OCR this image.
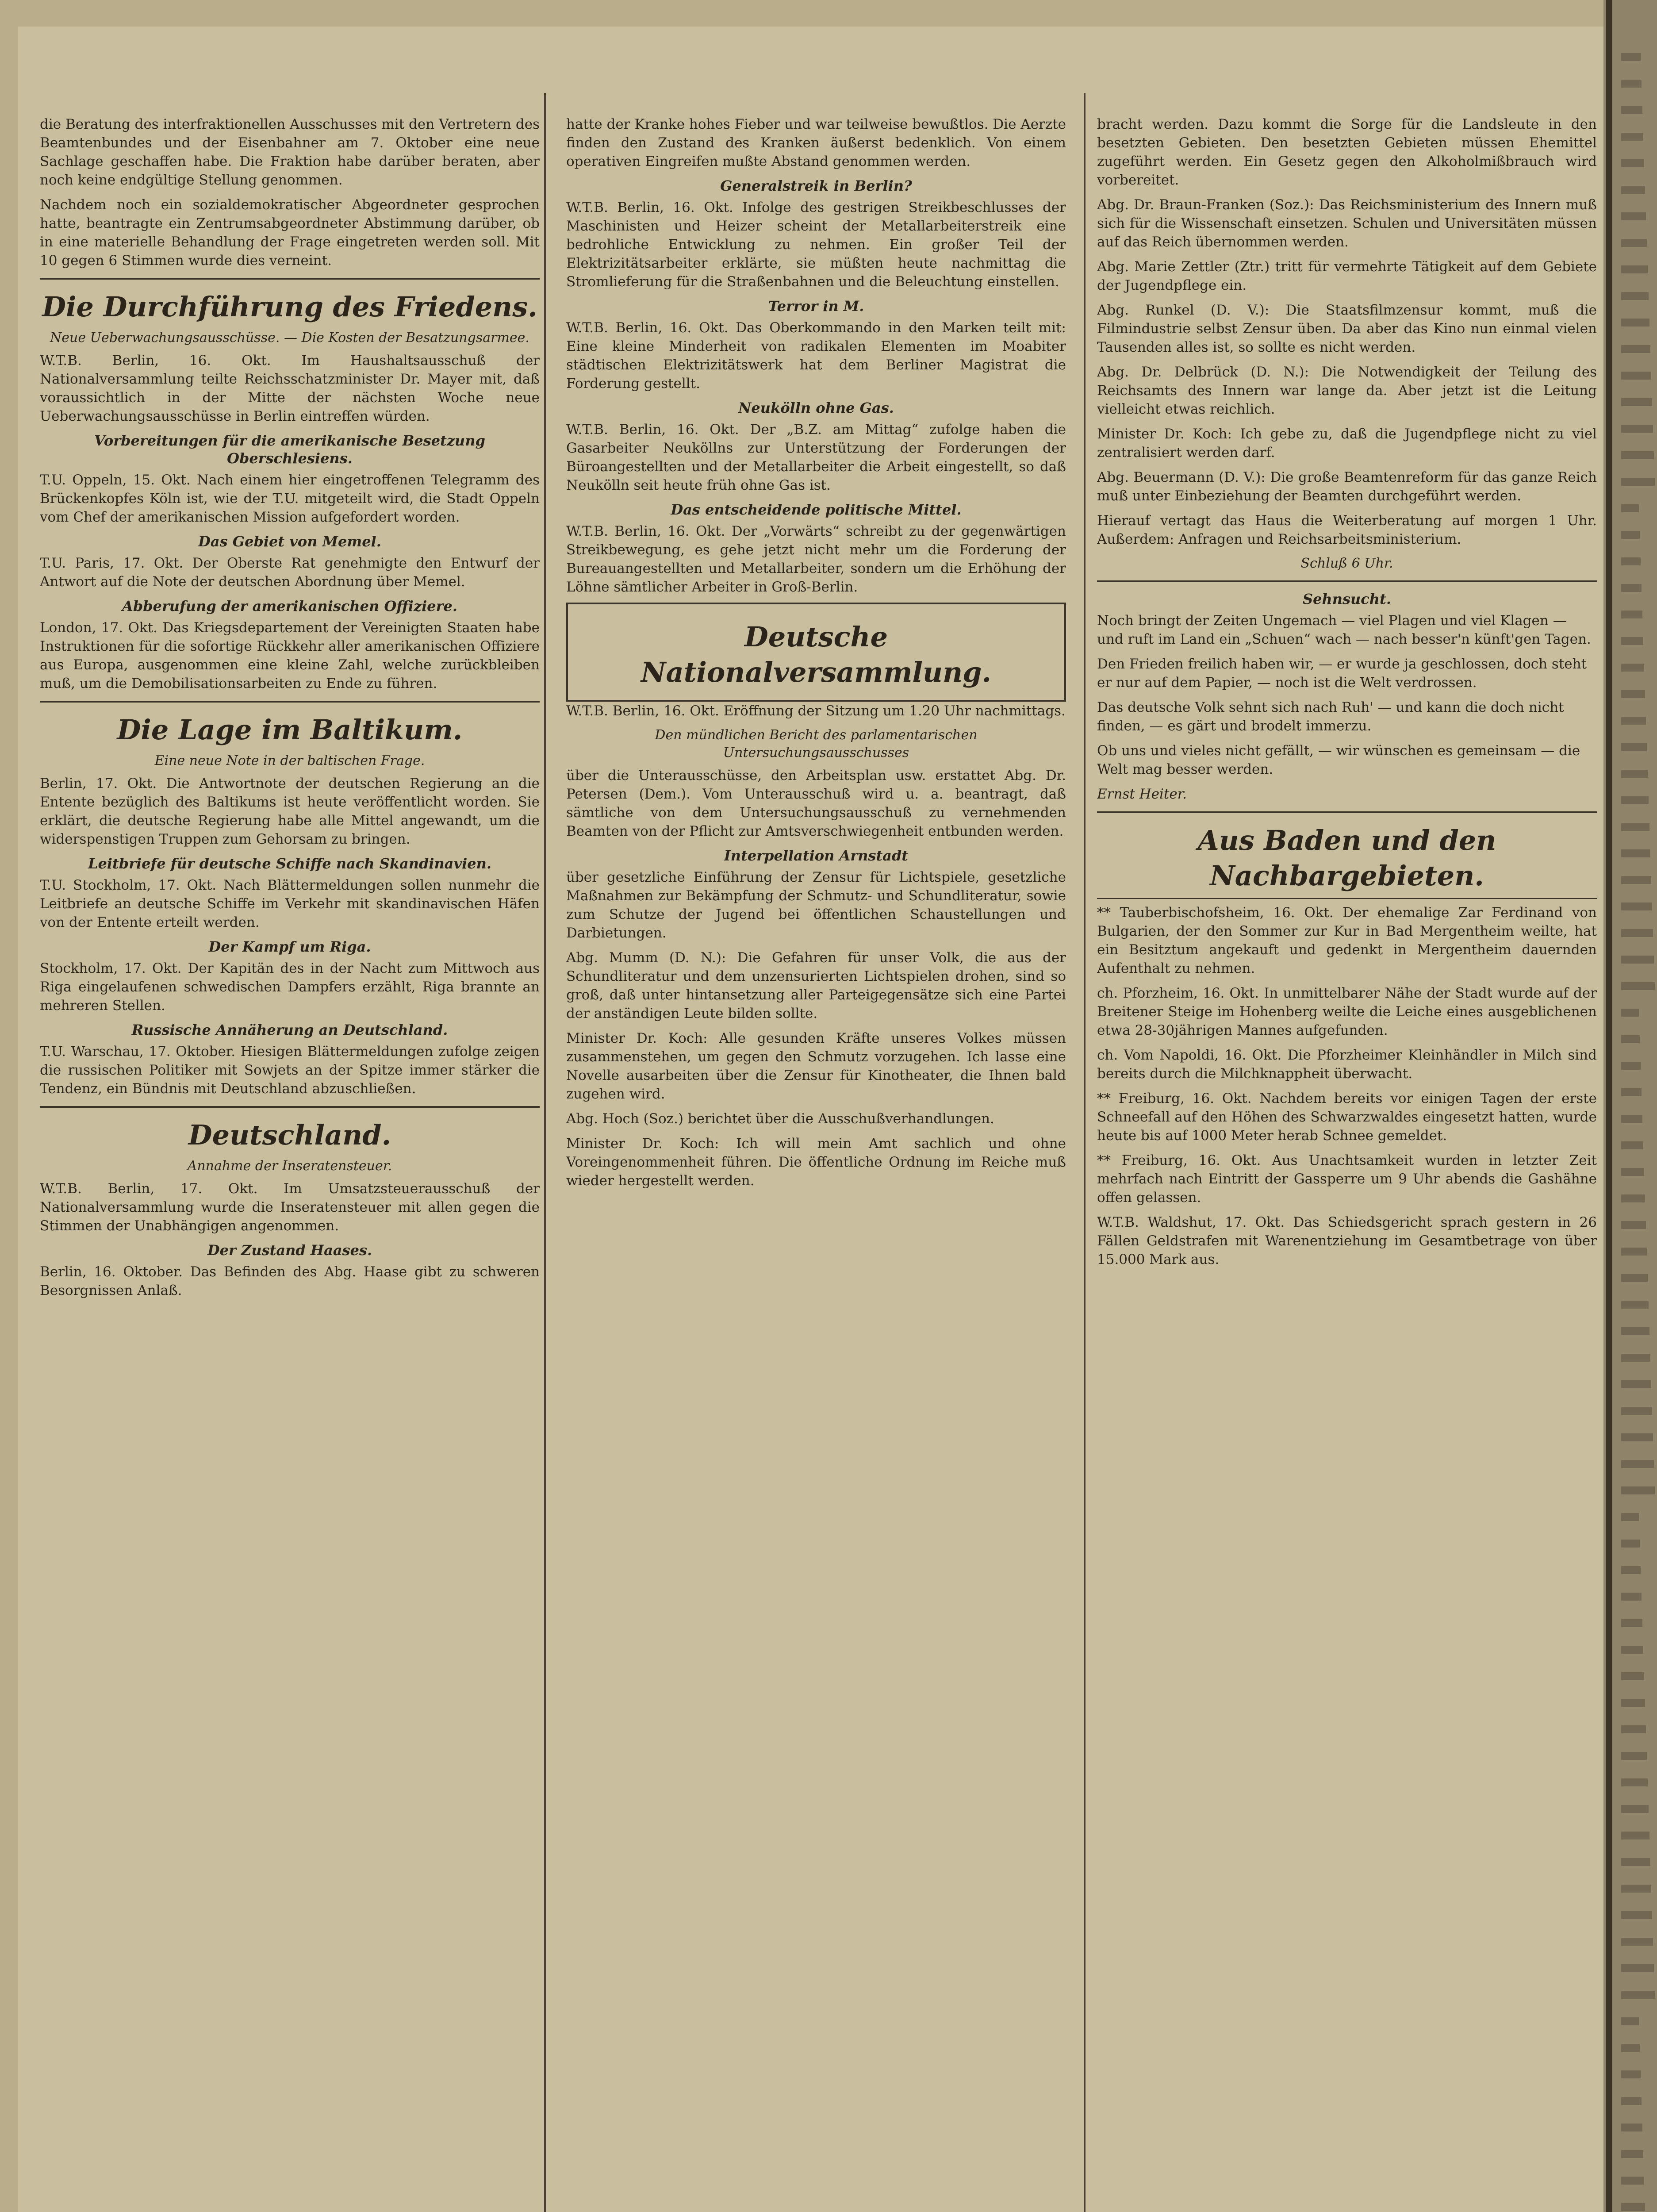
die Beratung des interfraktionellen Ausschusses mit den Vertretern des Beamtenbundes und der Eisenbahner am 7. Oktober eine neue Sachlage geschaffen habe. Die Fraktion habe darüber beraten, aber noch keine endgültige Stellung genommen.

Nachdem noch ein sozialdemokratischer Abgeordneter gesprochen hatte, beantragte ein Zentrumsabgeordneter Abstimmung darüber, ob in eine materielle Behandlung der Frage eingetreten werden soll. Mit 10 gegen 6 Stimmen wurde dies verneint.

Die Durchführung des Friedens.

Neue Ueberwachungsausschüsse. — Die Kosten der Besatzungsarmee.

W.T.B. Berlin, 16. Okt. Im Haushaltsausschuß der Nationalversammlung teilte Reichsschatzminister Dr. Mayer mit, daß voraussichtlich in der Mitte der nächsten Woche neue Ueberwachungsausschüsse in Berlin eintreffen würden.

Vorbereitungen für die amerikanische Besetzung Oberschlesiens.

T.U. Oppeln, 15. Okt. Nach einem hier eingetroffenen Telegramm des Brückenkopfes Köln ist, wie der T.U. mitgeteilt wird, die Stadt Oppeln vom Chef der amerikanischen Mission aufgefordert worden.

Das Gebiet von Memel.

T.U. Paris, 17. Okt. Der Oberste Rat genehmigte den Entwurf der Antwort auf die Note der deutschen Abordnung über Memel.

Abberufung der amerikanischen Offiziere.

London, 17. Okt. Das Kriegsdepartement der Vereinigten Staaten habe Instruktionen für die sofortige Rückkehr aller amerikanischen Offiziere aus Europa, ausgenommen eine kleine Zahl, welche zurückbleiben muß, um die Demobilisationsarbeiten zu Ende zu führen.

Die Lage im Baltikum.

Eine neue Note in der baltischen Frage.

Berlin, 17. Okt. Die Antwortnote der deutschen Regierung an die Entente bezüglich des Baltikums ist heute veröffentlicht worden. Sie erklärt, die deutsche Regierung habe alle Mittel angewandt, um die widerspenstigen Truppen zum Gehorsam zu bringen.

Leitbriefe für deutsche Schiffe nach Skandinavien.

T.U. Stockholm, 17. Okt. Nach Blättermeldungen sollen nunmehr die Leitbriefe an deutsche Schiffe im Verkehr mit skandinavischen Häfen von der Entente erteilt werden.

Der Kampf um Riga.

Stockholm, 17. Okt. Der Kapitän des in der Nacht zum Mittwoch aus Riga eingelaufenen schwedischen Dampfers erzählt, Riga brannte an mehreren Stellen.

Russische Annäherung an Deutschland.

T.U. Warschau, 17. Oktober. Hiesigen Blättermeldungen zufolge zeigen die russischen Politiker mit Sowjets an der Spitze immer stärker die Tendenz, ein Bündnis mit Deutschland abzuschließen.

Deutschland.

Annahme der Inseratensteuer.

W.T.B. Berlin, 17. Okt. Im Umsatzsteuerausschuß der Nationalversammlung wurde die Inseratensteuer mit allen gegen die Stimmen der Unabhängigen angenommen.

Der Zustand Haases.

Berlin, 16. Oktober. Das Befinden des Abg. Haase gibt zu schweren Besorgnissen Anlaß.

hatte der Kranke hohes Fieber und war teilweise bewußtlos. Die Aerzte finden den Zustand des Kranken äußerst bedenklich. Von einem operativen Eingreifen mußte Abstand genommen werden.

Generalstreik in Berlin?

W.T.B. Berlin, 16. Okt. Infolge des gestrigen Streikbeschlusses der Maschinisten und Heizer scheint der Metallarbeiterstreik eine bedrohliche Entwicklung zu nehmen. Ein großer Teil der Elektrizitätsarbeiter erklärte, sie müßten heute nachmittag die Stromlieferung für die Straßenbahnen und die Beleuchtung einstellen.

Terror in M.

W.T.B. Berlin, 16. Okt. Das Oberkommando in den Marken teilt mit: Eine kleine Minderheit von radikalen Elementen im Moabiter städtischen Elektrizitätswerk hat dem Berliner Magistrat die Forderung gestellt.

Neukölln ohne Gas.

W.T.B. Berlin, 16. Okt. Der „B.Z. am Mittag“ zufolge haben die Gasarbeiter Neuköllns zur Unterstützung der Forderungen der Büroangestellten und der Metallarbeiter die Arbeit eingestellt, so daß Neukölln seit heute früh ohne Gas ist.

Das entscheidende politische Mittel.

W.T.B. Berlin, 16. Okt. Der „Vorwärts“ schreibt zu der gegenwärtigen Streikbewegung, es gehe jetzt nicht mehr um die Forderung der Bureauangestellten und Metallarbeiter, sondern um die Erhöhung der Löhne sämtlicher Arbeiter in Groß-Berlin.

Deutsche Nationalversammlung.

W.T.B. Berlin, 16. Okt. Eröffnung der Sitzung um 1.20 Uhr nachmittags.

Den mündlichen Bericht des parlamentarischen Untersuchungsausschusses

über die Unterausschüsse, den Arbeitsplan usw. erstattet Abg. Dr. Petersen (Dem.). Vom Unterausschuß wird u. a. beantragt, daß sämtliche von dem Untersuchungsausschuß zu vernehmenden Beamten von der Pflicht zur Amtsverschwiegenheit entbunden werden.

Interpellation Arnstadt

über gesetzliche Einführung der Zensur für Lichtspiele, gesetzliche Maßnahmen zur Bekämpfung der Schmutz- und Schundliteratur, sowie zum Schutze der Jugend bei öffentlichen Schaustellungen und Darbietungen.

Abg. Mumm (D. N.): Die Gefahren für unser Volk, die aus der Schundliteratur und dem unzensurierten Lichtspielen drohen, sind so groß, daß unter hintansetzung aller Parteigegensätze sich eine Partei der anständigen Leute bilden sollte.

Minister Dr. Koch: Alle gesunden Kräfte unseres Volkes müssen zusammenstehen, um gegen den Schmutz vorzugehen. Ich lasse eine Novelle ausarbeiten über die Zensur für Kinotheater, die Ihnen bald zugehen wird.

Abg. Hoch (Soz.) berichtet über die Ausschußverhandlungen.

Minister Dr. Koch: Ich will mein Amt sachlich und ohne Voreingenommenheit führen. Die öffentliche Ordnung im Reiche muß wieder hergestellt werden.

bracht werden. Dazu kommt die Sorge für die Landsleute in den besetzten Gebieten. Den besetzten Gebieten müssen Ehemittel zugeführt werden. Ein Gesetz gegen den Alkoholmißbrauch wird vorbereitet.

Abg. Dr. Braun-Franken (Soz.): Das Reichsministerium des Innern muß sich für die Wissenschaft einsetzen. Schulen und Universitäten müssen auf das Reich übernommen werden.

Abg. Marie Zettler (Ztr.) tritt für vermehrte Tätigkeit auf dem Gebiete der Jugendpflege ein.

Abg. Runkel (D. V.): Die Staatsfilmzensur kommt, muß die Filmindustrie selbst Zensur üben. Da aber das Kino nun einmal vielen Tausenden alles ist, so sollte es nicht werden.

Abg. Dr. Delbrück (D. N.): Die Notwendigkeit der Teilung des Reichsamts des Innern war lange da. Aber jetzt ist die Leitung vielleicht etwas reichlich.

Minister Dr. Koch: Ich gebe zu, daß die Jugendpflege nicht zu viel zentralisiert werden darf.

Abg. Beuermann (D. V.): Die große Beamtenreform für das ganze Reich muß unter Einbeziehung der Beamten durchgeführt werden.

Hierauf vertagt das Haus die Weiterberatung auf morgen 1 Uhr. Außerdem: Anfragen und Reichsarbeitsministerium.

Schluß 6 Uhr.

Sehnsucht.

Noch bringt der Zeiten Ungemach — viel Plagen und viel Klagen — und ruft im Land ein „Schuen“ wach — nach besser'n künft'gen Tagen.

Den Frieden freilich haben wir, — er wurde ja geschlossen, doch steht er nur auf dem Papier, — noch ist die Welt verdrossen.

Das deutsche Volk sehnt sich nach Ruh' — und kann die doch nicht finden, — es gärt und brodelt immerzu.

Ob uns und vieles nicht gefällt, — wir wünschen es gemeinsam — die Welt mag besser werden.

Ernst Heiter.

Aus Baden und den Nachbargebieten.

** Tauberbischofsheim, 16. Okt. Der ehemalige Zar Ferdinand von Bulgarien, der den Sommer zur Kur in Bad Mergentheim weilte, hat ein Besitztum angekauft und gedenkt in Mergentheim dauernden Aufenthalt zu nehmen.

ch. Pforzheim, 16. Okt. In unmittelbarer Nähe der Stadt wurde auf der Breitener Steige im Hohenberg weilte die Leiche eines ausgeblichenen etwa 28-30jährigen Mannes aufgefunden.

ch. Vom Napoldi, 16. Okt. Die Pforzheimer Kleinhändler in Milch sind bereits durch die Milchknappheit überwacht.

** Freiburg, 16. Okt. Nachdem bereits vor einigen Tagen der erste Schneefall auf den Höhen des Schwarzwaldes eingesetzt hatten, wurde heute bis auf 1000 Meter herab Schnee gemeldet.

** Freiburg, 16. Okt. Aus Unachtsamkeit wurden in letzter Zeit mehrfach nach Eintritt der Gassperre um 9 Uhr abends die Gashähne offen gelassen.

W.T.B. Waldshut, 17. Okt. Das Schiedsgericht sprach gestern in 26 Fällen Geldstrafen mit Warenentziehung im Gesamtbetrage von über 15.000 Mark aus.
